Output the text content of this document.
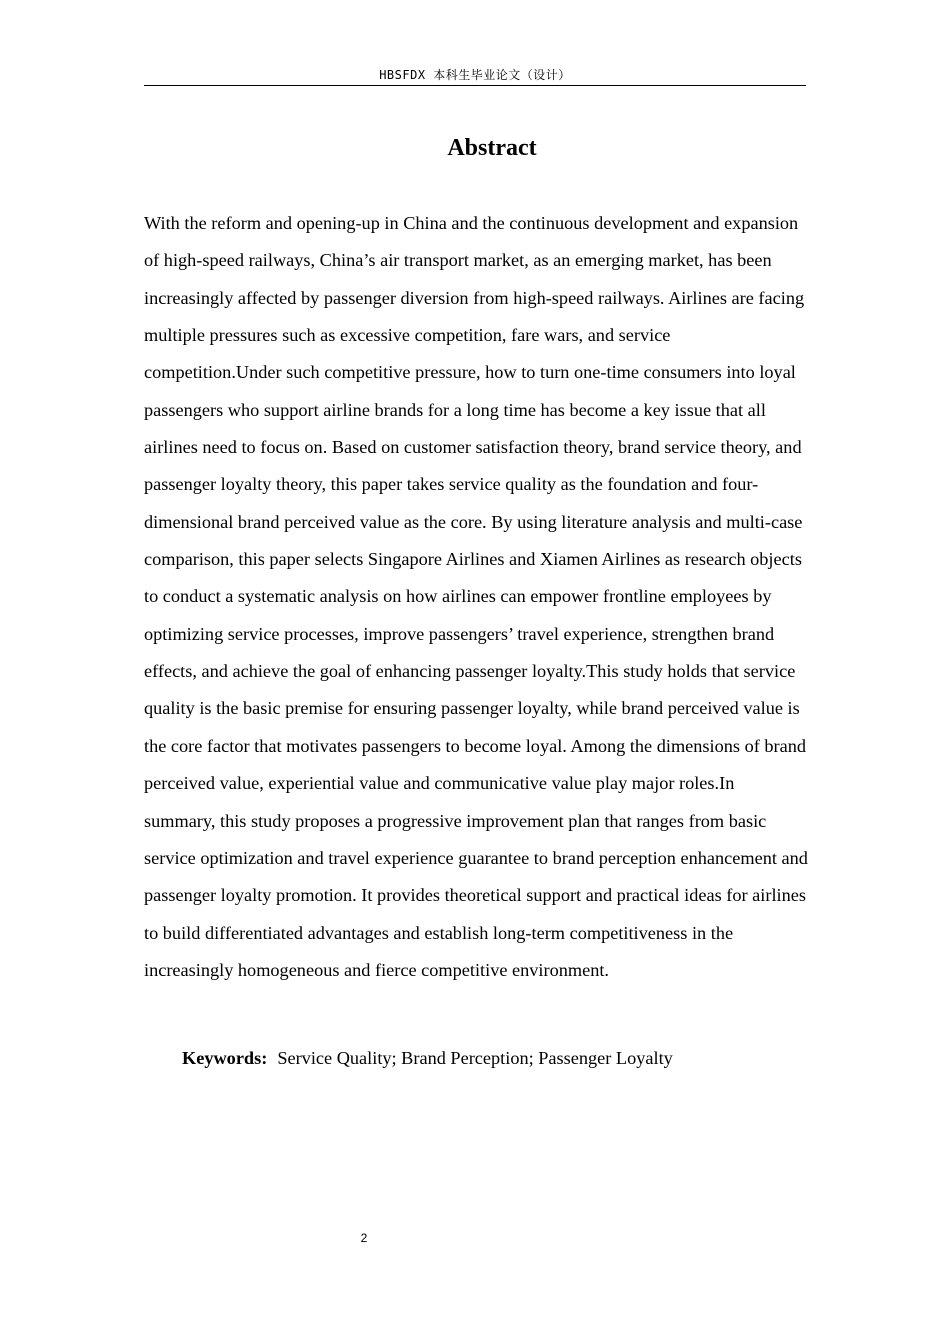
HBSFDX 本科生毕业论文（设计）
Abstract

With the reform and opening-up in China and the continuous development and expansion of high-speed railways, China’s air transport market, as an emerging market, has been increasingly affected by passenger diversion from high-speed railways. Airlines are facing multiple pressures such as excessive competition, fare wars, and service competition.Under such competitive pressure, how to turn one-time consumers into loyal passengers who support airline brands for a long time has become a key issue that all airlines need to focus on. Based on customer satisfaction theory, brand service theory, and passenger loyalty theory, this paper takes service quality as the foundation and four-dimensional brand perceived value as the core. By using literature analysis and multi-case comparison, this paper selects Singapore Airlines and Xiamen Airlines as research objects to conduct a systematic analysis on how airlines can empower frontline employees by optimizing service processes, improve passengers’ travel experience, strengthen brand effects, and achieve the goal of enhancing passenger loyalty.This study holds that service quality is the basic premise for ensuring passenger loyalty, while brand perceived value is the core factor that motivates passengers to become loyal. Among the dimensions of brand perceived value, experiential value and communicative value play major roles.In summary, this study proposes a progressive improvement plan that ranges from basic service optimization and travel experience guarantee to brand perception enhancement and passenger loyalty promotion. It provides theoretical support and practical ideas for airlines to build differentiated advantages and establish long-term competitiveness in the increasingly homogeneous and fierce competitive environment.

Keywords: Service Quality; Brand Perception; Passenger Loyalty
2
